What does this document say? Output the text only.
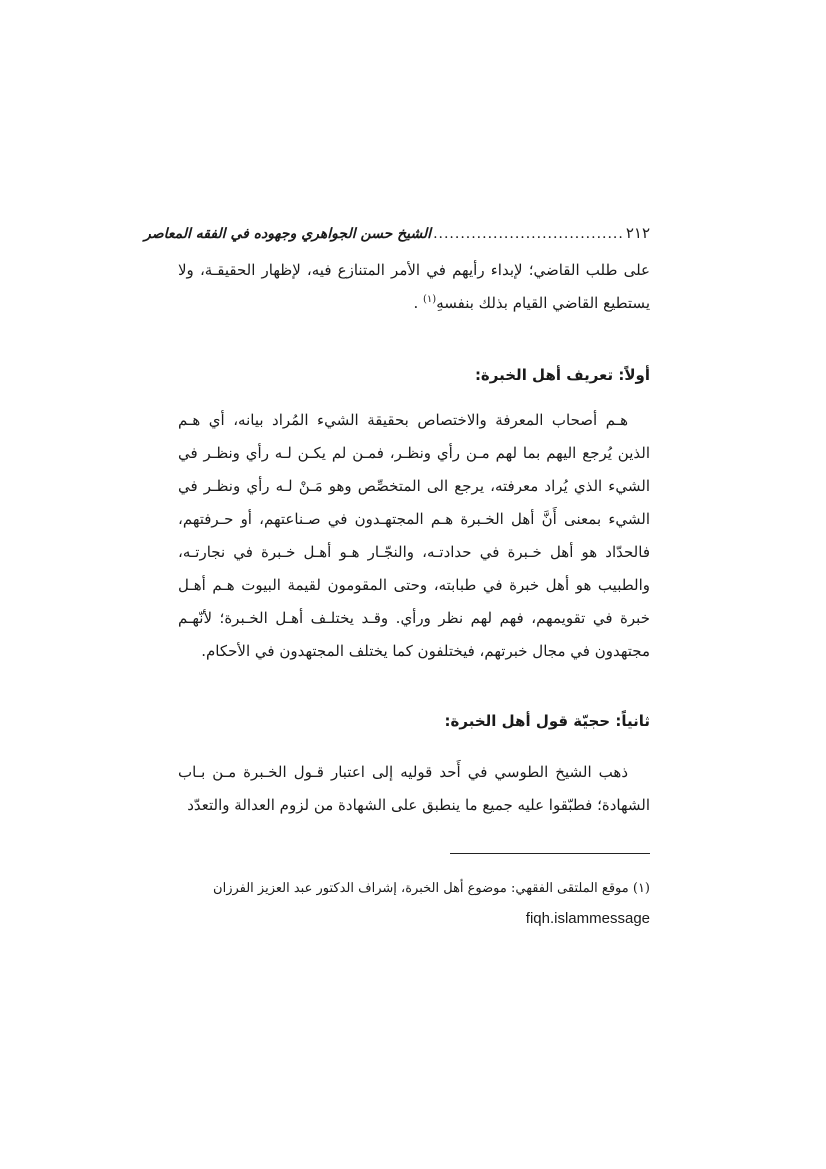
٢١٢
...................................
الشيخ حسن الجواهري وجهوده في الفقه المعاصر

على طلب القاضي؛ لإبداء رأيهم في الأمر المتنازع فيه، لإظهار الحقيقـة، ولا يستطيع القاضي القيام بذلك بنفسهِ$^{(١)}$ .

أولاً: تعريف أهل الخبرة:

هـم أصحاب المعرفة والاختصاص بحقيقة الشيء المُراد بيانه، أي هـم الذين يُرجع اليهم بما لهم مـن رأي ونظـر، فمـن لم يكـن لـه رأي ونظـر في الشيء الذي يُراد معرفته، يرجع الى المتخصِّص وهو مَـنْ لـه رأي ونظـر في الشيء بمعنى أَنَّ أهل الخـبرة هـم المجتهـدون في صـناعتهم، أو حـرفتهم، فالحدّاد هو أهل خـبرة في حدادتـه، والنجّـار هـو أهـل خـبرة في نجارتـه، والطبيب هو أهل خبرة في طبابته، وحتى المقومون لقيمة البيوت هـم أهـل خبرة في تقويمهم، فهم لهم نظر ورأي. وقـد يختلـف أهـل الخـبرة؛ لأنّهـم مجتهدون في مجال خبرتهم، فيختلفون كما يختلف المجتهدون في الأحكام.

ثانياً: حجيّة قول أهل الخبرة:

ذهب الشيخ الطوسي في أَحد قوليه إلى اعتبار قـول الخـبرة مـن بـاب الشهادة؛ فطبّقوا عليه جميع ما ينطبق على الشهادة من لزوم العدالة والتعدّد

(١) موقع الملتقى الفقهي: موضوع أهل الخبرة، إشراف الدكتور عبد العزيز الفرزان
fiqh.islammessage
